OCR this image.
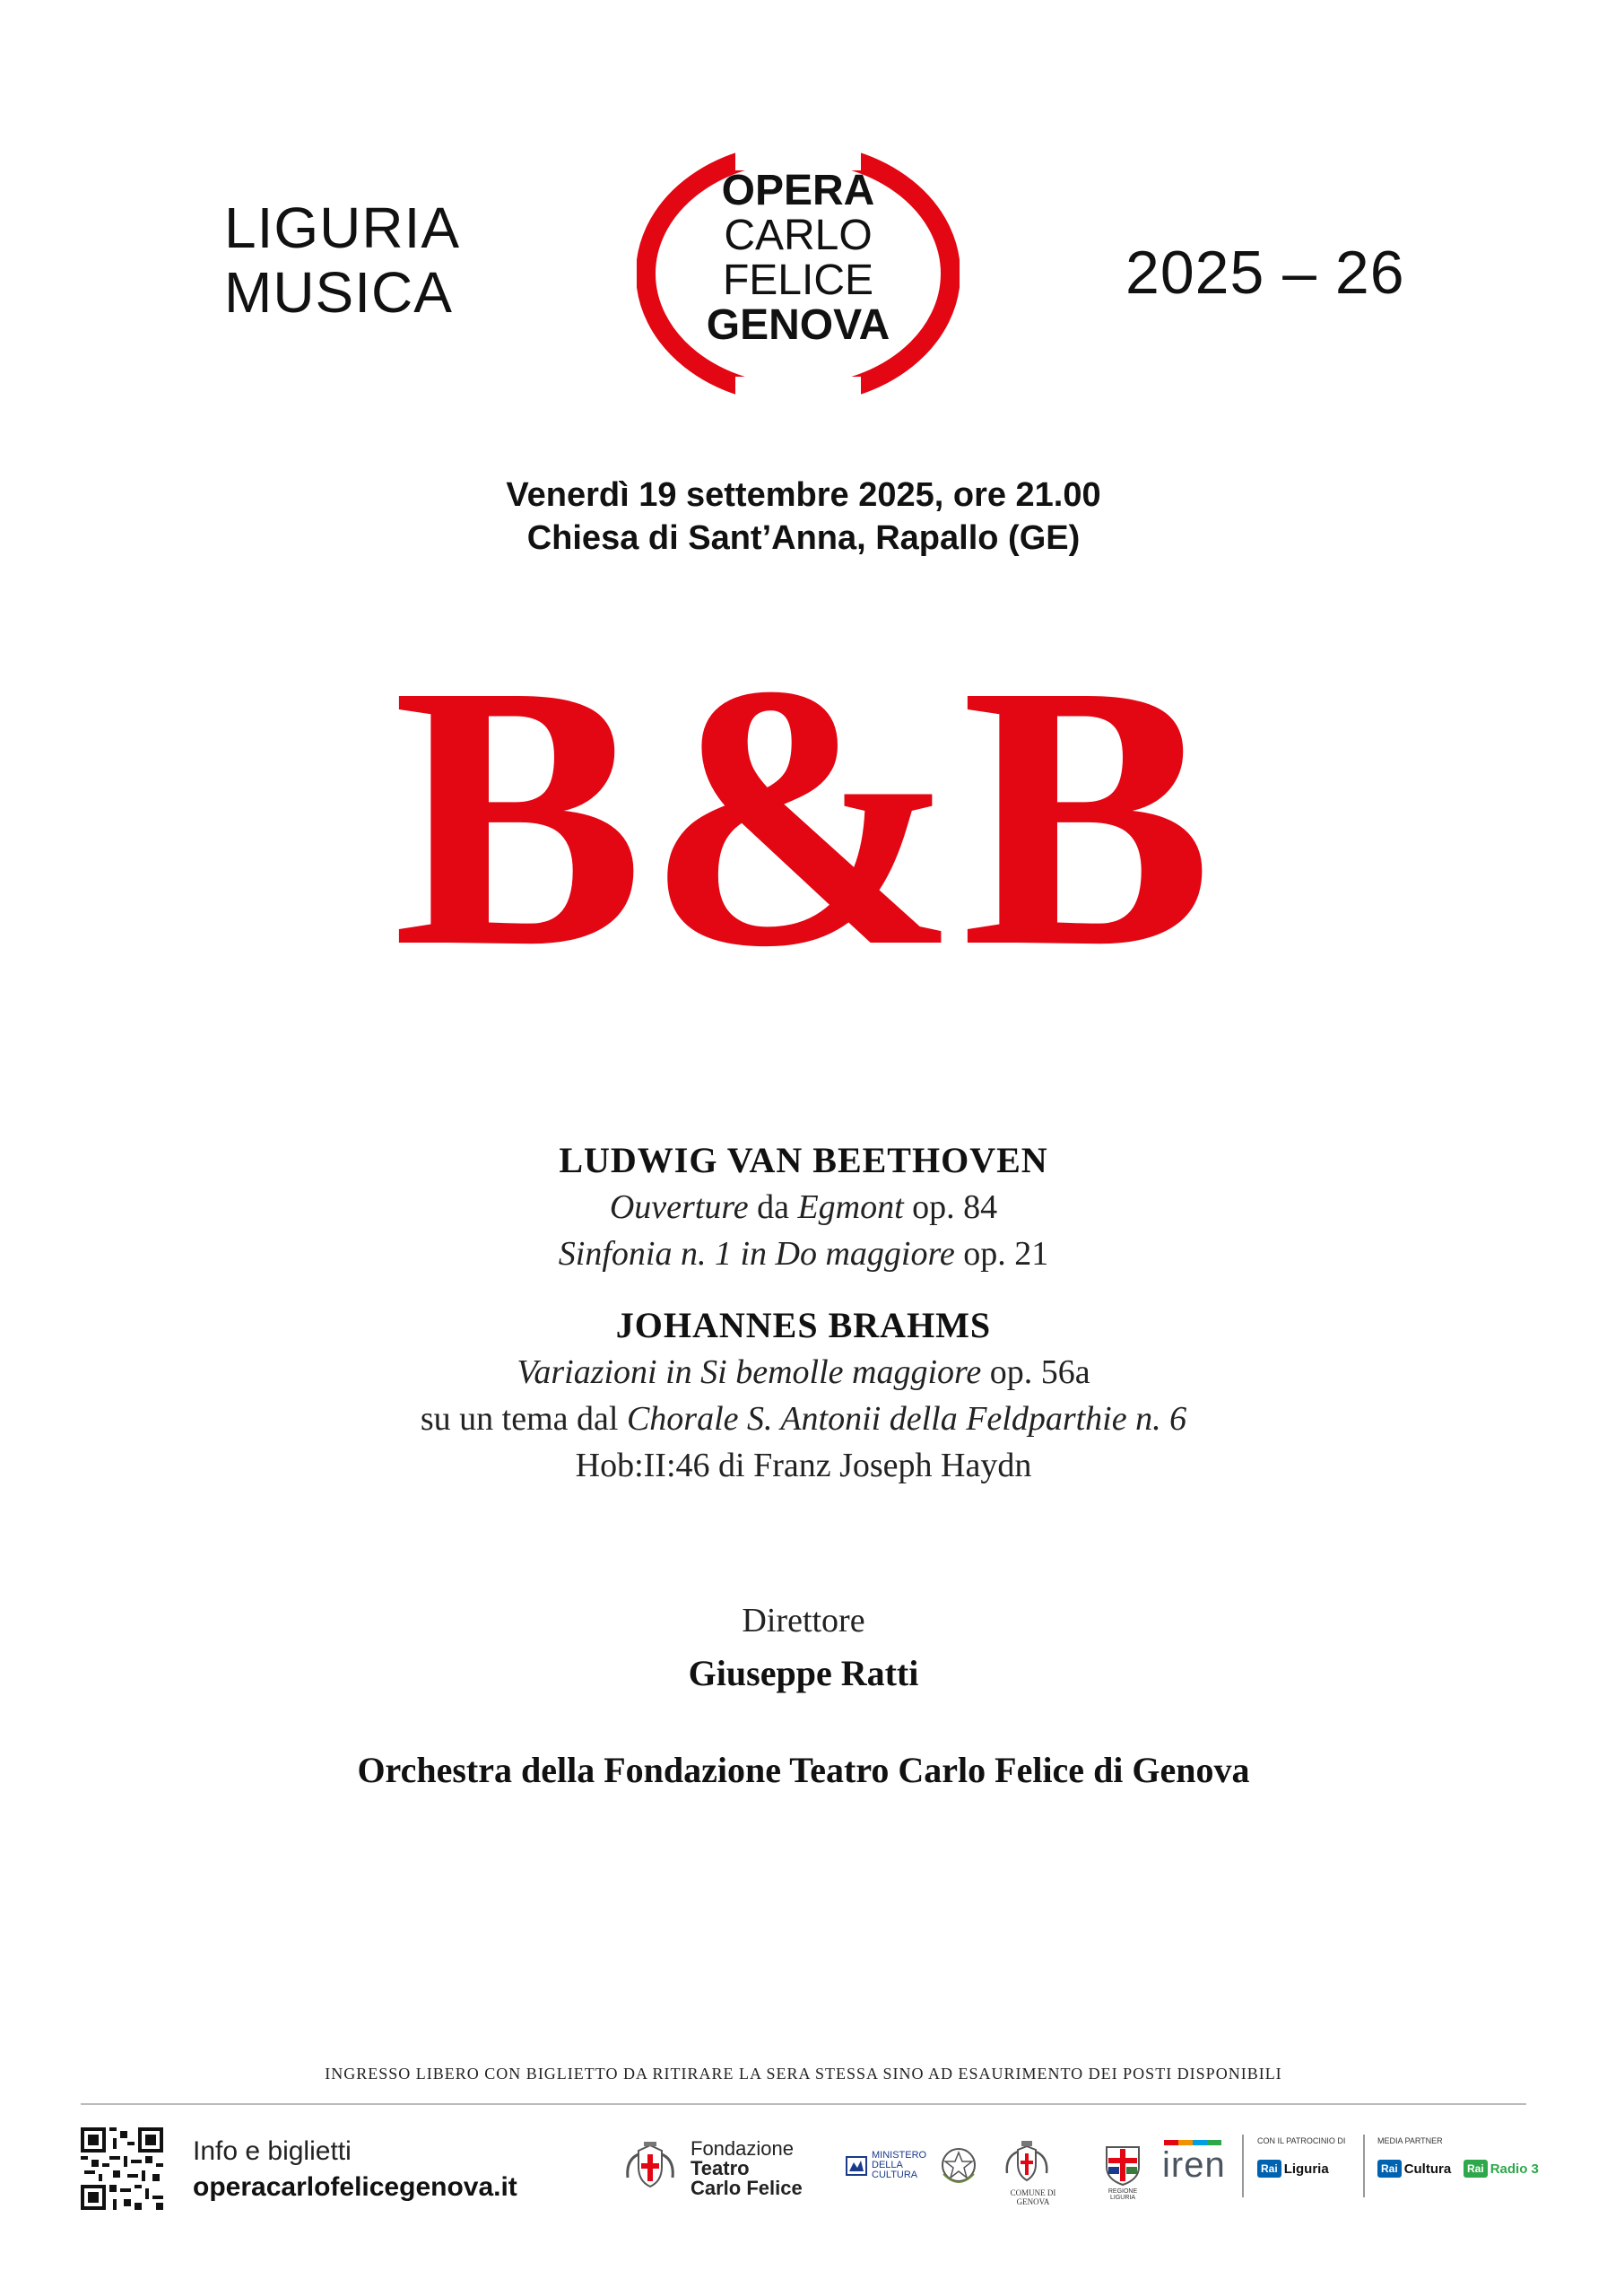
LIGURIA
MUSICA
OPERA
CARLO
FELICE
GENOVA
2025 – 26
Venerdì 19 settembre 2025, ore 21.00
Chiesa di Sant’Anna, Rapallo (GE)
B&B
LUDWIG VAN BEETHOVEN
Ouverture da Egmont op. 84
Sinfonia n. 1 in Do maggiore op. 21
JOHANNES BRAHMS
Variazioni in Si bemolle maggiore op. 56a
su un tema dal Chorale S. Antonii della Feldparthie n. 6
Hob:II:46 di Franz Joseph Haydn
Direttore
Giuseppe Ratti
Orchestra della Fondazione Teatro Carlo Felice di Genova
INGRESSO LIBERO CON BIGLIETTO DA RITIRARE LA SERA STESSA SINO AD ESAURIMENTO DEI POSTI DISPONIBILI
Info e biglietti
operacarlofelicegenova.it
Fondazione
Teatro
Carlo Felice
MINISTERO
DELLA
CULTURA
COMUNE DI GENOVA
REGIONE LIGURIA
iren
CON IL PATROCINIO DI
Rai Liguria
MEDIA PARTNER
Rai Cultura	Rai Radio 3
